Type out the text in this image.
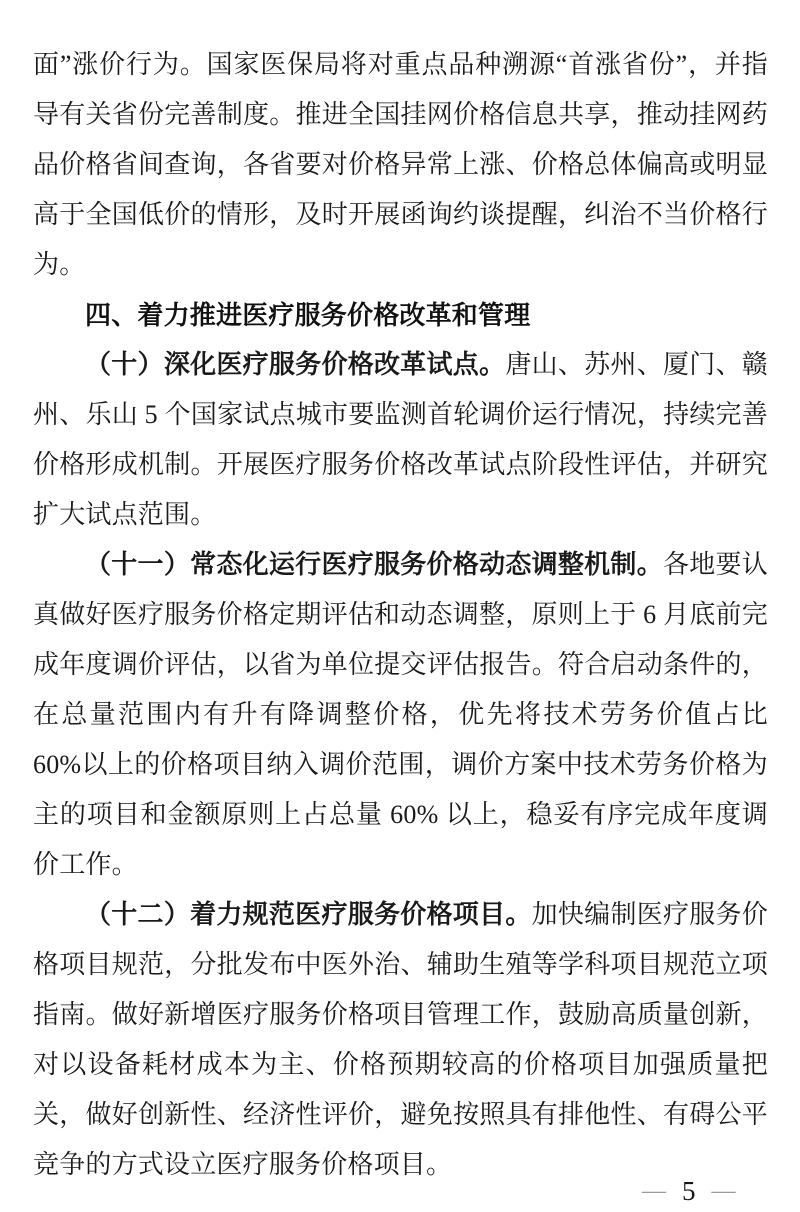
面”涨价行为。国家医保局将对重点品种溯源“首涨省份”，并指导有关省份完善制度。推进全国挂网价格信息共享，推动挂网药品价格省间查询，各省要对价格异常上涨、价格总体偏高或明显高于全国低价的情形，及时开展函询约谈提醒，纠治不当价格行为。

四、着力推进医疗服务价格改革和管理

（十）深化医疗服务价格改革试点。唐山、苏州、厦门、赣州、乐山 5 个国家试点城市要监测首轮调价运行情况，持续完善价格形成机制。开展医疗服务价格改革试点阶段性评估，并研究扩大试点范围。

（十一）常态化运行医疗服务价格动态调整机制。各地要认真做好医疗服务价格定期评估和动态调整，原则上于 6 月底前完成年度调价评估，以省为单位提交评估报告。符合启动条件的，在总量范围内有升有降调整价格，优先将技术劳务价值占比 60%以上的价格项目纳入调价范围，调价方案中技术劳务价格为主的项目和金额原则上占总量 60% 以上，稳妥有序完成年度调价工作。

（十二）着力规范医疗服务价格项目。加快编制医疗服务价格项目规范，分批发布中医外治、辅助生殖等学科项目规范立项指南。做好新增医疗服务价格项目管理工作，鼓励高质量创新，对以设备耗材成本为主、价格预期较高的价格项目加强质量把关，做好创新性、经济性评价，避免按照具有排他性、有碍公平竞争的方式设立医疗服务价格项目。

— 5 —
